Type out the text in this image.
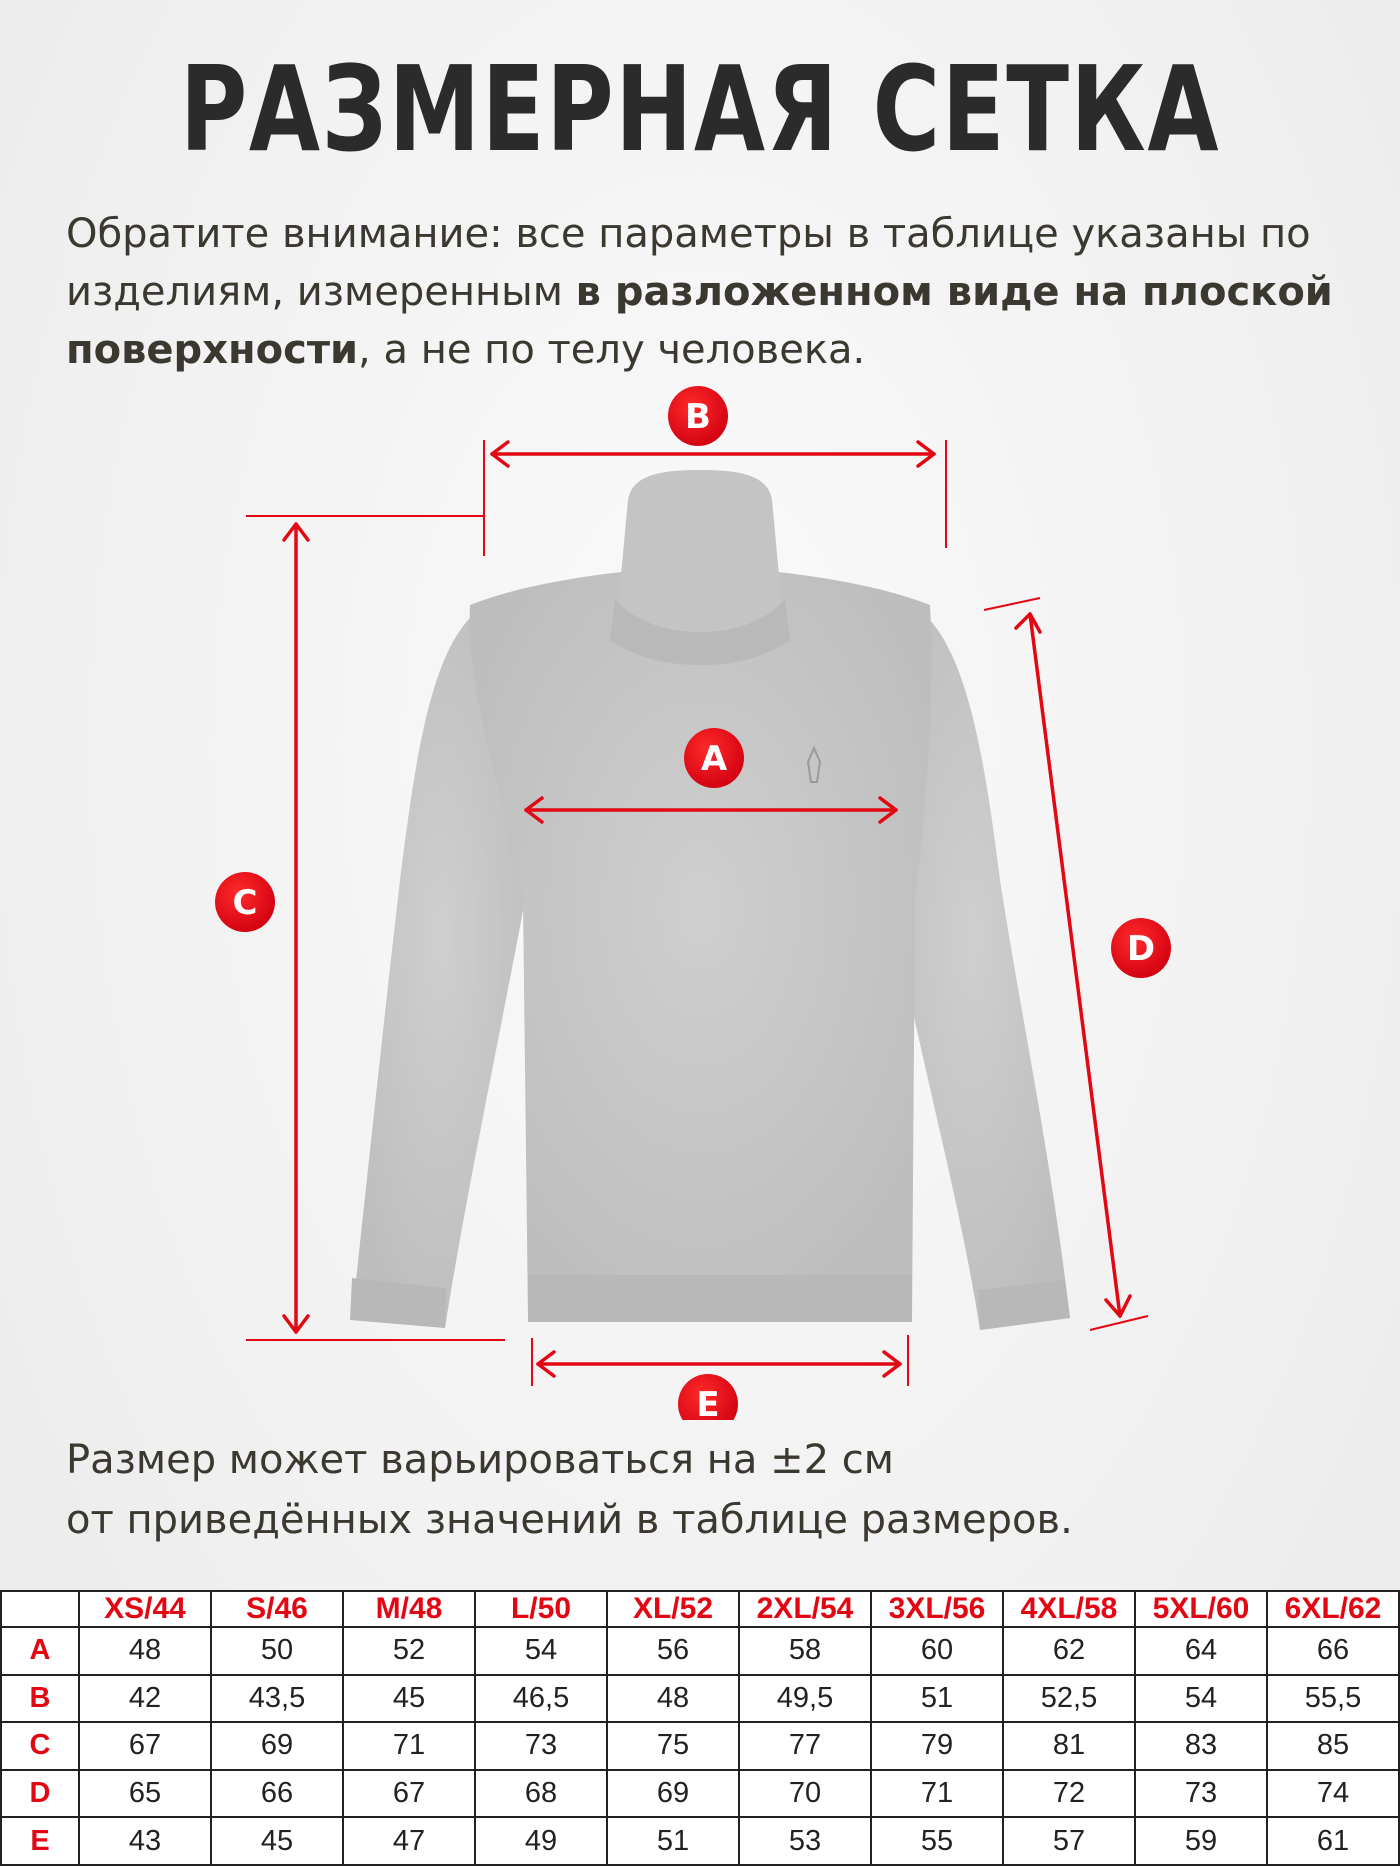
РАЗМЕРНАЯ СЕТКА
Обратите внимание: все параметры в таблице указаны по изделиям, измеренным в разложенном виде на плоской поверхности, а не по телу человека.
B
A
C
D
E
Размер может варьироваться на ±2 см
от приведённых значений в таблице размеров.
	XS/44	S/46	M/48	L/50	XL/52	2XL/54	3XL/56	4XL/58	5XL/60	6XL/62
A	48	50	52	54	56	58	60	62	64	66
B	42	43,5	45	46,5	48	49,5	51	52,5	54	55,5
C	67	69	71	73	75	77	79	81	83	85
D	65	66	67	68	69	70	71	72	73	74
E	43	45	47	49	51	53	55	57	59	61
